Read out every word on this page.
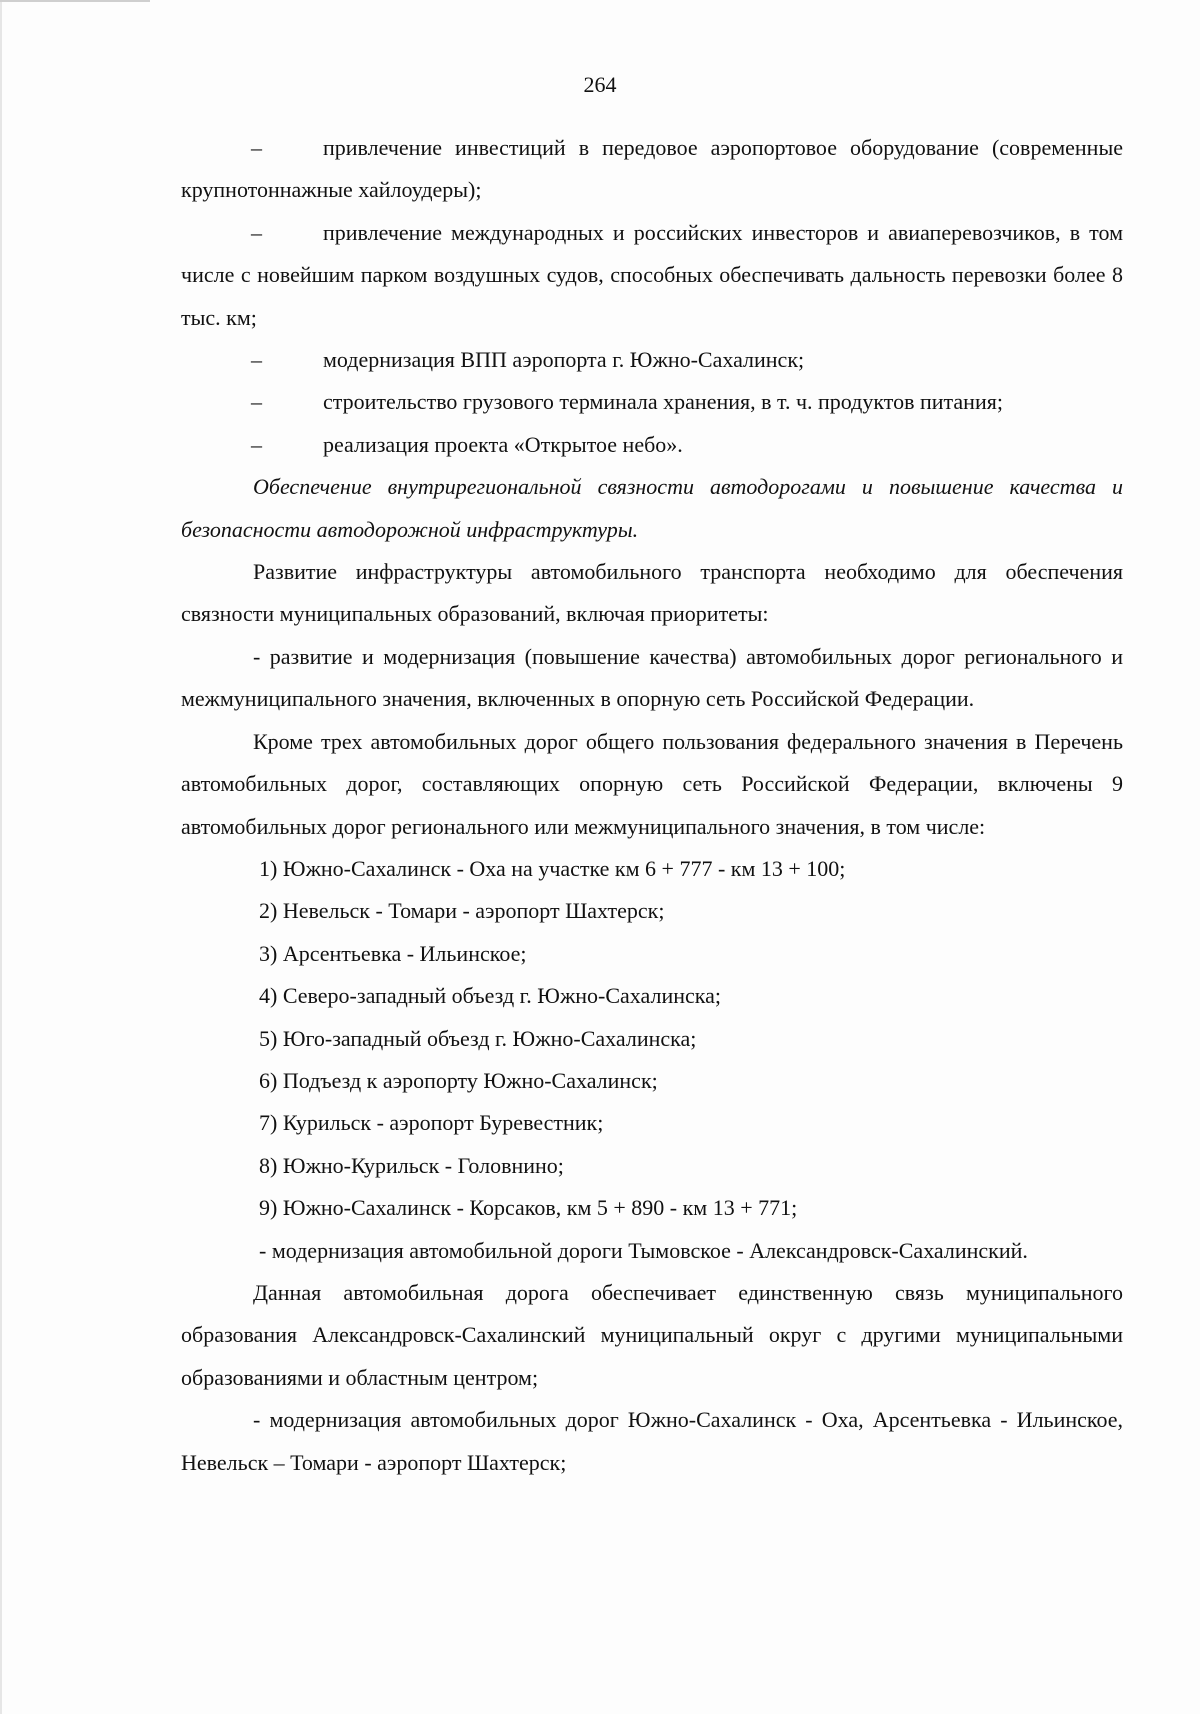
264

–	привлечение инвестиций в передовое аэропортовое оборудование (современные крупнотоннажные хайлоудеры);

–	привлечение международных и российских инвесторов и авиаперевозчиков, в том числе с новейшим парком воздушных судов, способных обеспечивать дальность перевозки более 8 тыс. км;

–	модернизация ВПП аэропорта г. Южно-Сахалинск;

–	строительство грузового терминала хранения, в т. ч. продуктов питания;

–	реализация проекта «Открытое небо».

Обеспечение внутрирегиональной связности автодорогами и повышение качества и безопасности автодорожной инфраструктуры.

Развитие инфраструктуры автомобильного транспорта необходимо для обеспечения связности муниципальных образований, включая приоритеты:

- развитие и модернизация (повышение качества) автомобильных дорог регионального и межмуниципального значения, включенных в опорную сеть Российской Федерации.

Кроме трех автомобильных дорог общего пользования федерального значения в Перечень автомобильных дорог, составляющих опорную сеть Российской Федерации, включены 9 автомобильных дорог регионального или межмуниципального значения, в том числе:

1) Южно-Сахалинск - Оха на участке км 6 + 777 - км 13 + 100;

2) Невельск - Томари - аэропорт Шахтерск;

3) Арсентьевка - Ильинское;

4) Северо-западный объезд г. Южно-Сахалинска;

5) Юго-западный объезд г. Южно-Сахалинска;

6) Подъезд к аэропорту Южно-Сахалинск;

7) Курильск - аэропорт Буревестник;

8) Южно-Курильск - Головнино;

9) Южно-Сахалинск - Корсаков, км 5 + 890 - км 13 + 771;

- модернизация автомобильной дороги Тымовское - Александровск-Сахалинский.

Данная автомобильная дорога обеспечивает единственную связь муниципального образования Александровск-Сахалинский муниципальный округ с другими муниципальными образованиями и областным центром;

- модернизация автомобильных дорог Южно-Сахалинск - Оха, Арсентьевка - Ильинское, Невельск – Томари - аэропорт Шахтерск;
